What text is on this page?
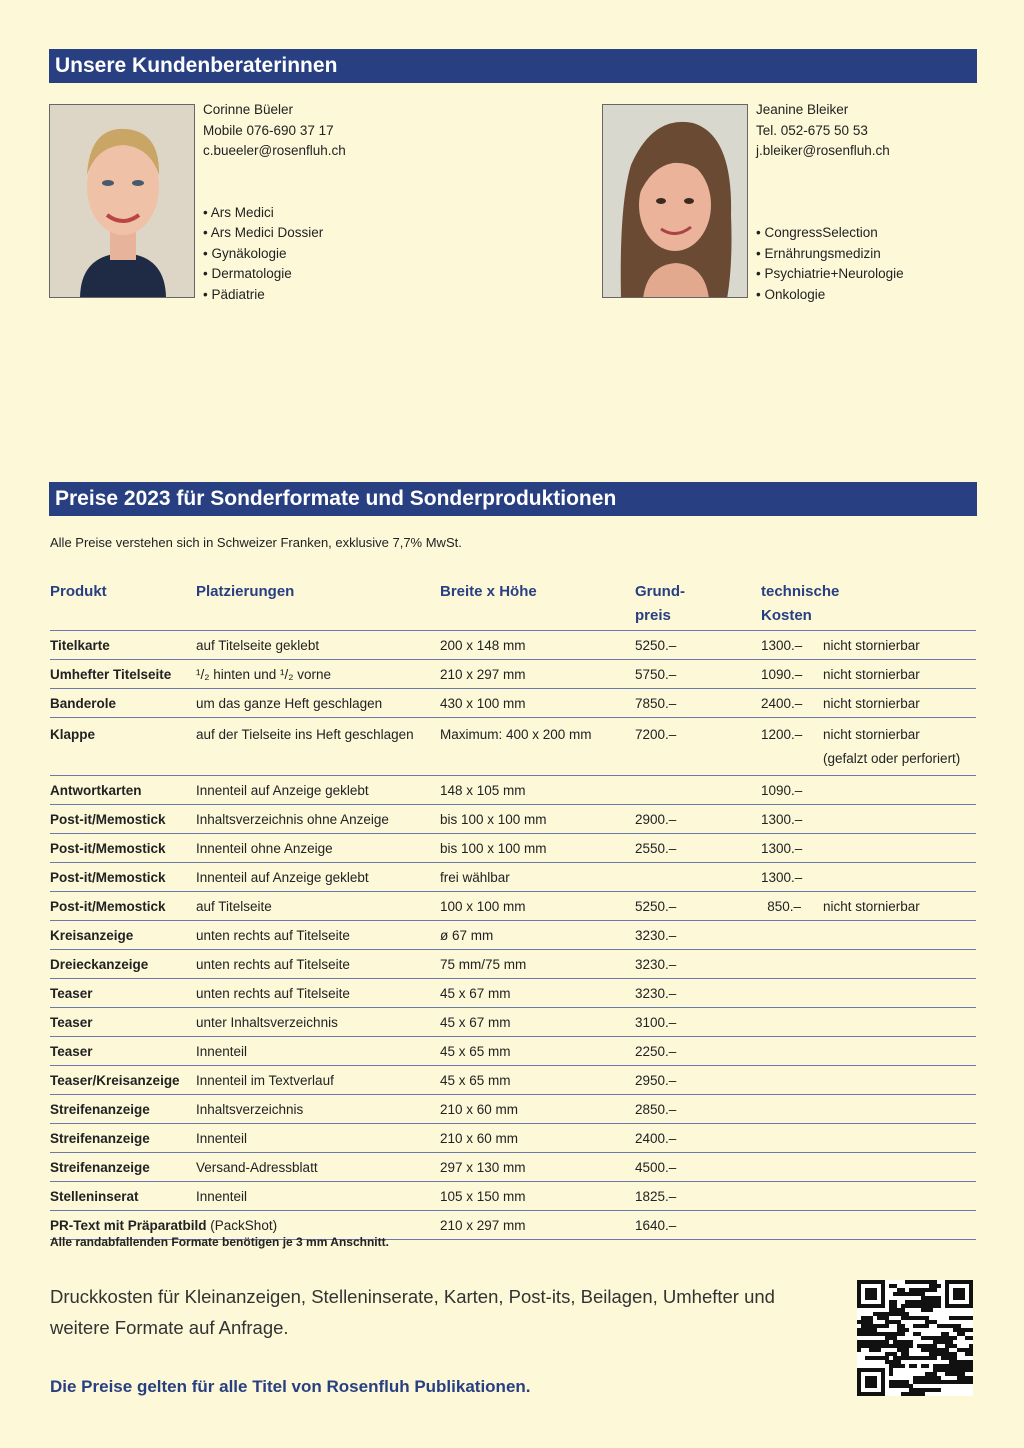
Unsere Kundenberaterinnen
Corinne Büeler
Mobile 076-690 37 17
c.bueeler@rosenfluh.ch
• Ars Medici
• Ars Medici Dossier
• Gynäkologie
• Dermatologie
• Pädiatrie
Jeanine Bleiker
Tel. 052-675 50 53
j.bleiker@rosenfluh.ch
• CongressSelection
• Ernährungsmedizin
• Psychiatrie+Neurologie
• Onkologie
Preise 2023 für Sonderformate und Sonderproduktionen
Alle Preise verstehen sich in Schweizer Franken, exklusive 7,7% MwSt.
Produkt	Platzierungen	Breite x Höhe	Grund-
preis	technische
Kosten	
Titelkarte	auf Titelseite geklebt	200 x 148 mm	5250.–	1300.–	nicht stornierbar

Umhefter Titelseite	¹/₂ hinten und ¹/₂ vorne	210 x 297 mm	5750.–	1090.–	nicht stornierbar

Banderole	um das ganze Heft geschlagen	430 x 100 mm	7850.–	2400.–	nicht stornierbar

Klappe	auf der Tielseite ins Heft geschlagen	Maximum: 400 x 200 mm	7200.–	1200.–	nicht stornierbar
(gefalzt oder perforiert)

Antwortkarten	Innenteil auf Anzeige geklebt	148 x 105 mm		1090.–	

Post-it/Memostick	Inhaltsverzeichnis ohne Anzeige	bis 100 x 100 mm	2900.–	1300.–	

Post-it/Memostick	Innenteil ohne Anzeige	bis 100 x 100 mm	2550.–	1300.–	

Post-it/Memostick	Innenteil auf Anzeige geklebt	frei wählbar		1300.–	

Post-it/Memostick	auf Titelseite	100 x 100 mm	5250.–	850.–	nicht stornierbar

Kreisanzeige	unten rechts auf Titelseite	ø 67 mm	3230.–		

Dreieckanzeige	unten rechts auf Titelseite	75 mm/75 mm	3230.–		

Teaser	unten rechts auf Titelseite	45 x 67 mm	3230.–		

Teaser	unter Inhaltsverzeichnis	45 x 67 mm	3100.–		

Teaser	Innenteil	45 x 65 mm	2250.–		

Teaser/Kreisanzeige	Innenteil im Textverlauf	45 x 65 mm	2950.–		

Streifenanzeige	Inhaltsverzeichnis	210 x 60 mm	2850.–		

Streifenanzeige	Innenteil	210 x 60 mm	2400.–		

Streifenanzeige	Versand-Adressblatt	297 x 130 mm	4500.–		

Stelleninserat	Innenteil	105 x 150 mm	1825.–		

PR-Text mit Präparatbild (PackShot)		210 x 297 mm	1640.–		
Alle randabfallenden Formate benötigen je 3 mm Anschnitt.
Druckkosten für Kleinanzeigen, Stelleninserate, Karten, Post-its, Beilagen, Umhefter und weitere Formate auf Anfrage.
Die Preise gelten für alle Titel von Rosenfluh Publikationen.
